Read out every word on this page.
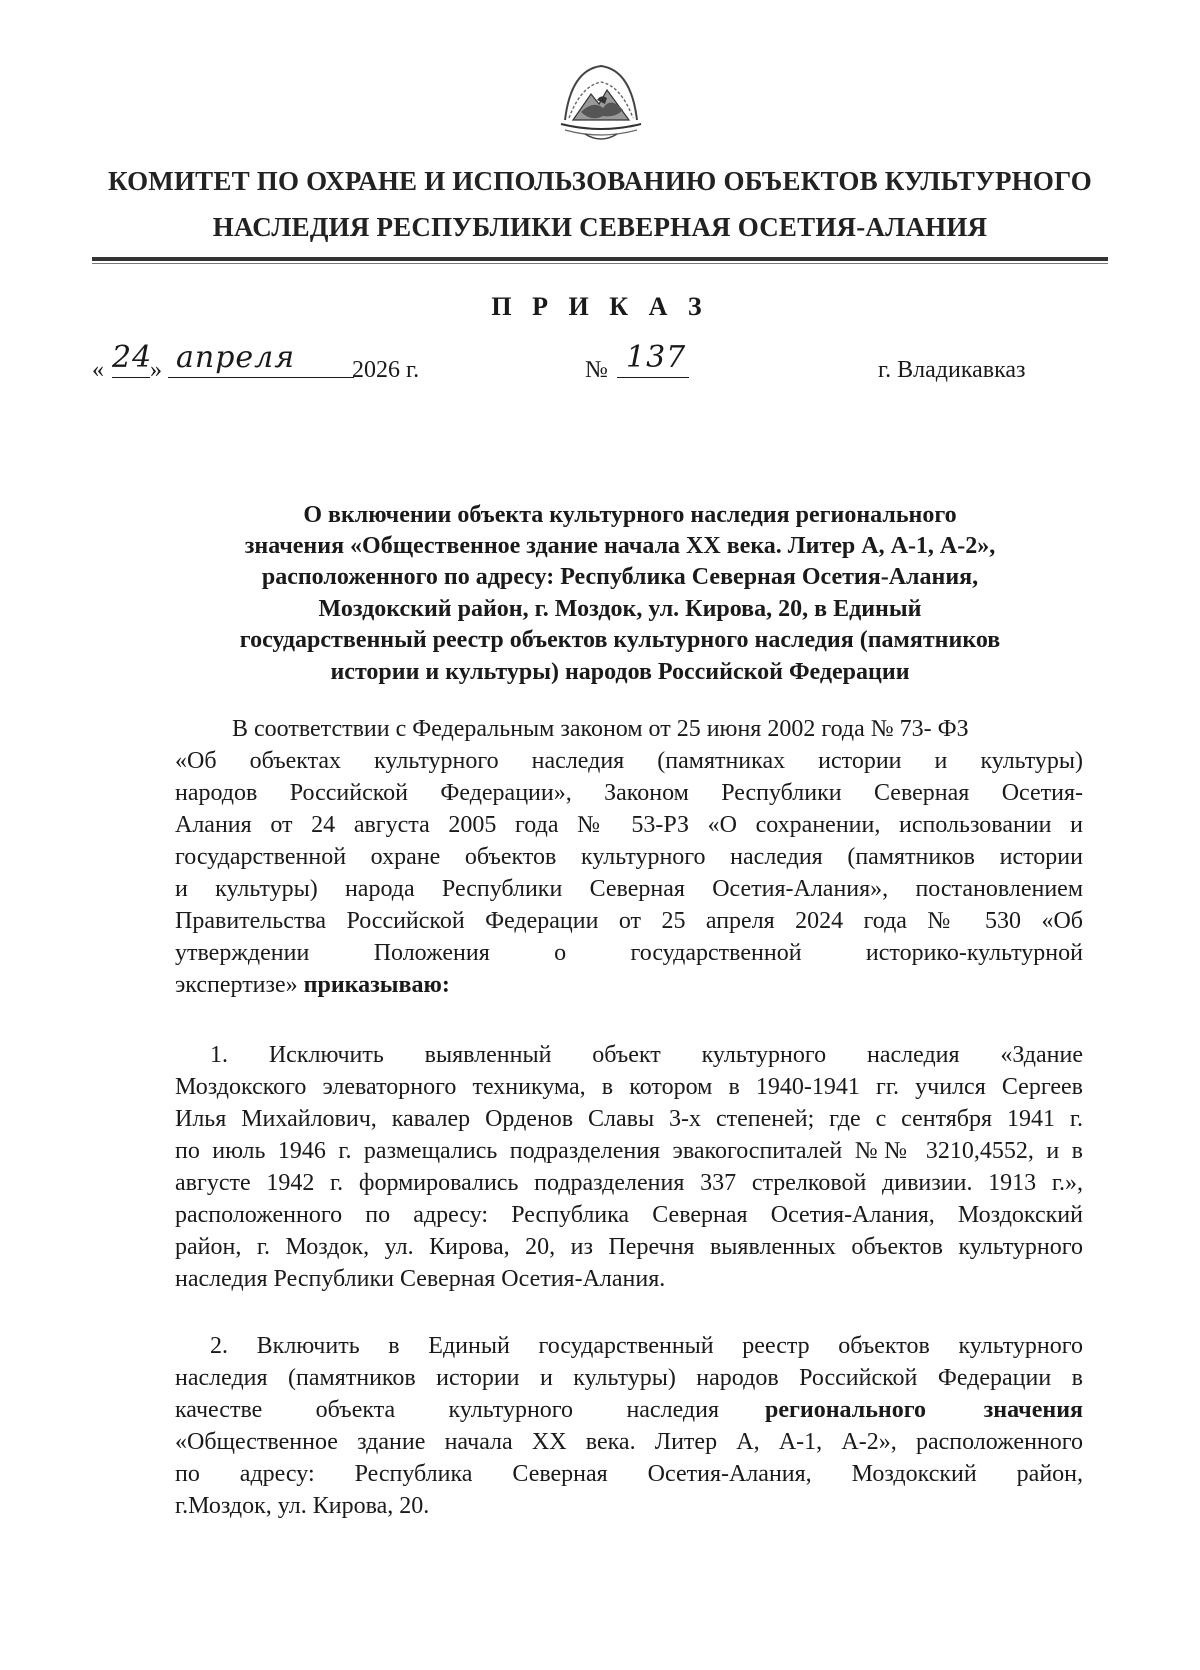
КОМИТЕТ ПО ОХРАНЕ И ИСПОЛЬЗОВАНИЮ ОБЪЕКТОВ КУЛЬТУРНОГО
НАСЛЕДИЯ РЕСПУБЛИКИ СЕВЕРНАЯ ОСЕТИЯ-АЛАНИЯ
П Р И К А З
« 24
» апреля 2026 г.	№ 137	г. Владикавказ
О включении объекта культурного наследия регионального
значения «Общественное здание начала XX века. Литер А, А-1, А-2»,
расположенного по адресу: Республика Северная Осетия-Алания,
Моздокский район, г. Моздок, ул. Кирова, 20, в Единый
государственный реестр объектов культурного наследия (памятников
истории и культуры) народов Российской Федерации
В соответствии с Федеральным законом от 25 июня 2002 года № 73- ФЗ
«Об объектах культурного наследия (памятниках истории и культуры)
народов Российской Федерации», Законом Республики Северная Осетия-
Алания от 24 августа 2005 года № 53-РЗ «О сохранении, использовании и
государственной охране объектов культурного наследия (памятников истории
и культуры) народа Республики Северная Осетия-Алания», постановлением
Правительства Российской Федерации от 25 апреля 2024 года № 530 «Об
утверждении Положения о государственной историко-культурной
экспертизе» приказываю:
1. Исключить выявленный объект культурного наследия «Здание
Моздокского элеваторного техникума, в котором в 1940-1941 гг. учился Сергеев
Илья Михайлович, кавалер Орденов Славы 3-х степеней; где с сентября 1941 г.
по июль 1946 г. размещались подразделения эвакогоспиталей №№ 3210,4552, и в
августе 1942 г. формировались подразделения 337 стрелковой дивизии. 1913 г.»,
расположенного по адресу: Республика Северная Осетия-Алания, Моздокский
район, г. Моздок, ул. Кирова, 20, из Перечня выявленных объектов культурного
наследия Республики Северная Осетия-Алания.
2. Включить в Единый государственный реестр объектов культурного
наследия (памятников истории и культуры) народов Российской Федерации в
качестве объекта культурного наследия регионального значения
«Общественное здание начала XX века. Литер А, А-1, А-2», расположенного
по адресу: Республика Северная Осетия-Алания, Моздокский район,
г.Моздок, ул. Кирова, 20.
